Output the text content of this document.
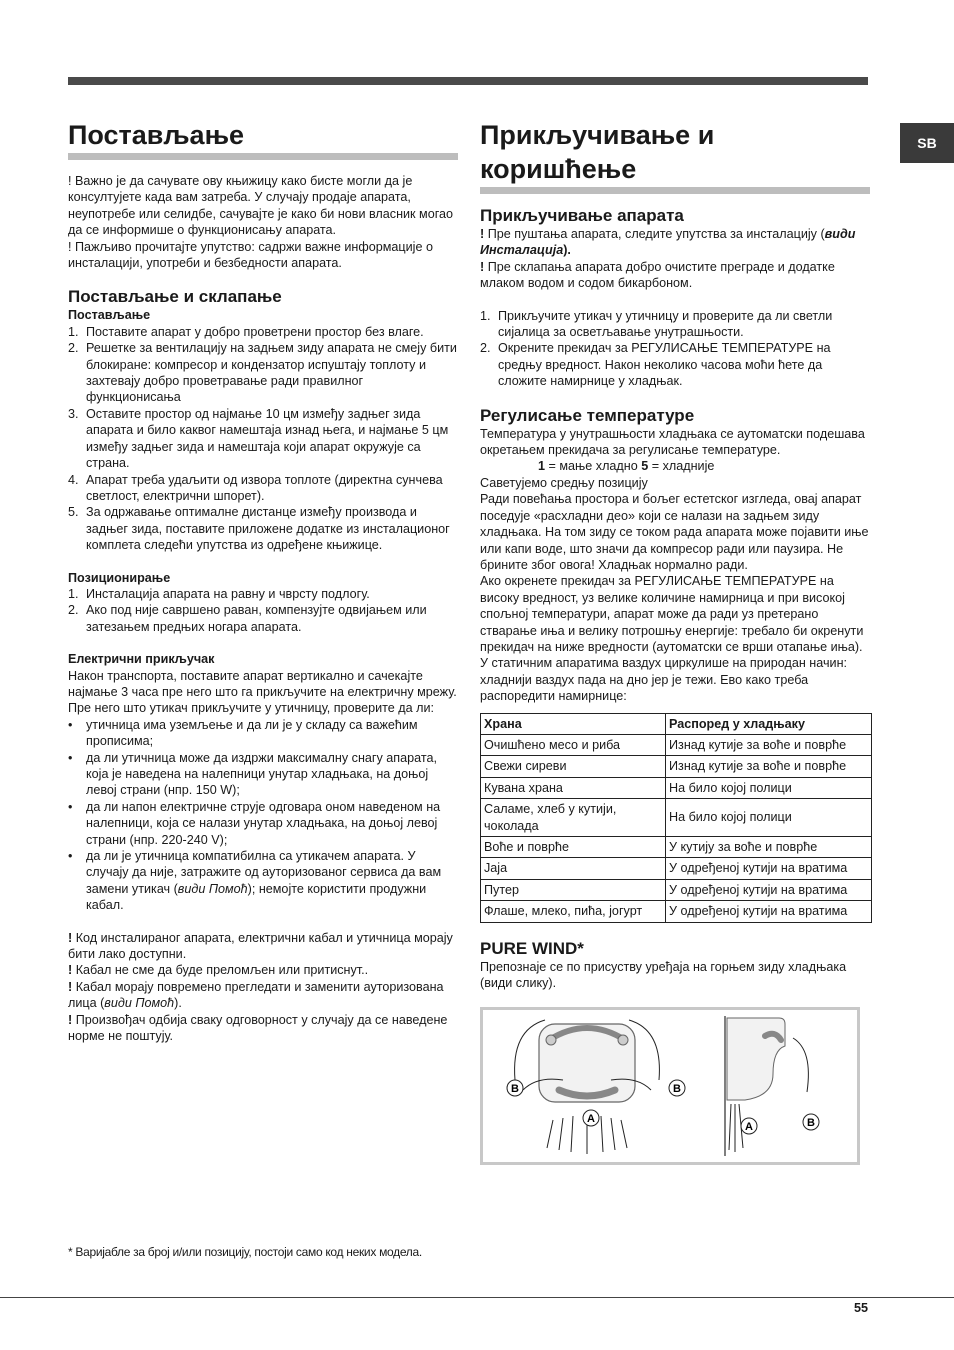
SB
Постављање

! Важно је да сачувате ову књижицу како бисте могли да је консултујете када вам затреба. У случају продаје апарата, неупотребе или селидбе, сачувајте је како би нови власник могао да се информише о функционисању апарата.

! Пажљиво прочитајте упутство: садржи важне информације о инсталацији, употреби и безбедности апарата.

Постављање и склапање
Постављање
1. Поставите апарат у добро проветрени простор без влаге.
2. Решетке за вентилацију на задњем зиду апарата не смеју бити блокиране: компресор и кондензатор испуштају топлоту и захтевају добро проветравање ради правилног функционисања
3. Оставите простор од најмање 10 цм између задњег зида апарата и било каквог намештаја изнад њега, и најмање 5 цм између задњег зида и намештаја који апарат окружује са страна.
4. Апарат треба удаљити од извора топлоте (директна сунчева светлост, електрични шпорет).
5. За одржавање оптималне дистанце између производа и задњег зида, поставите приложене додатке из инсталационог комплета следећи упутства из одређене књижице.
Позиционирање
1. Инсталација апарата на равну и чврсту подлогу.
2. Ако под није савршено раван, компензујте одвијањем или затезањем предњих ногара апарата.
Електрични прикључак

Након транспорта, поставите апарат вертикално и сачекајте најмање 3 часа пре него што га прикључите на електричну мрежу. Пре него што утикач прикључите у утичницу, проверите да ли:

• утичница има уземљење и да ли је у складу са важећим прописима;
• да ли утичница може да издржи максималну снагу апарата, која је наведена на налепници унутар хладњака, на доњој левој страни (нпр. 150 W);
• да ли напон електричне струје одговара оном наведеном на налепници, која се налази унутар хладњака, на доњој левој страни (нпр. 220-240 V);
• да ли је утичница компатибилна са утикачем апарата. У случају да није, затражите од ауторизованог сервиса да вам замени утикач (види Помоћ); немојте користити продужни кабал.

! Код инсталираног апарата, електрични кабал и утичница морају бити лако доступни.

! Кабал не сме да буде преломљен или притиснут..

! Кабал морају повремено прегледати и заменити ауторизована лица (види Помоћ).

! Произвођач одбија сваку одговорност у случају да се наведене норме не поштују.

Прикључивање и
коришћење
Прикључивање апарата

! Пре пуштања апарата, следите упутства за инсталацију (види Инсталација).

! Пре склапања апарата добро очистите преграде и додатке млаком водом и содом бикарбоном.

1. Прикључите утикач у утичницу и проверите да ли светли сијалица за осветљавање унутрашњости.
2. Окрените прекидач за РЕГУЛИСАЊЕ ТЕМПЕРАТУРЕ на средњу вредност. Након неколико часова моћи ћете да сложите намирнице у хладњак.
Регулисање температуре

Температура у унутрашњости хладњака се аутоматски подешава окретањем прекидача за регулисање температуре.

1 = мање хладно 5 = хладније

Саветујемо средњу позицију

Ради повећања простора и бољег естетског изгледа, овај апарат поседује «расхладни део» који се налази на задњем зиду хладњака. На том зиду се током рада апарата може појавити иње или капи воде, што значи да компресор ради или паузира. Не брините због овога! Хладњак нормално ради.

Ако окренете прекидач за РЕГУЛИСАЊЕ ТЕМПЕРАТУРЕ на високу вредност, уз велике количине намирница и при високој спољној температури, апарат може да ради уз претерано стварање иња и велику потрошњу енергије: требало би окренути прекидач на ниже вредности (аутоматски се врши отапање иња).

У статичним апаратима ваздух циркулише на природан начин: хладнији ваздух пада на дно јер је тежи. Ево како треба распоредити намирнице:

Храна	Распоред у хладњаку
Очишћено месо и риба	Изнад кутије за воће и поврће
Свежи сиреви	Изнад кутије за воће и поврће
Кувана храна	На било којој полици
Саламе, хлеб у кутији, чоколада	На било којој полици
Воће и поврће	У кутију за воће и поврће
Јаја	У одређеној кутији на вратима
Путер	У одређеној кутији на вратима
Флаше, млеко, пића, јогурт	У одређеној кутији на вратима
PURE WIND*

Препознаје се по присуству уређаја на горњем зиду хладњака (види слику).

B	B
A
A	B
* Варијабле за број и/или позицију, постоји само код неких модела.
55
